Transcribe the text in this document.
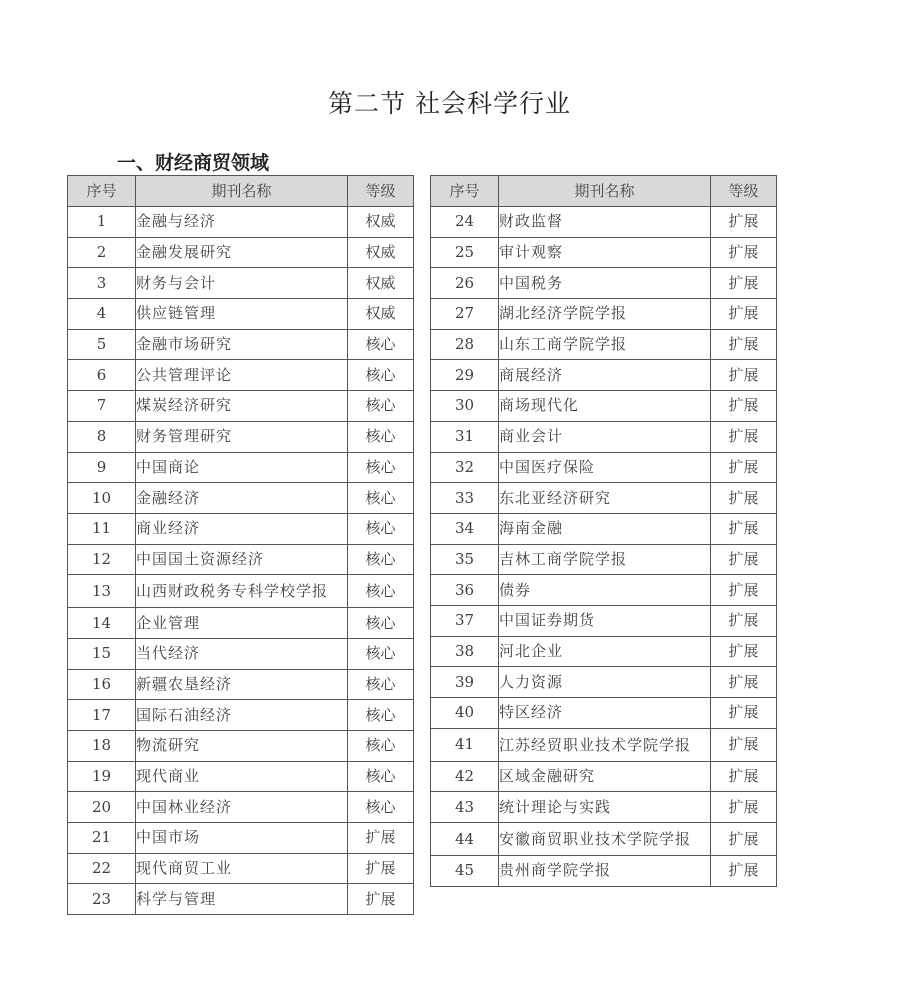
第二节 社会科学行业
一、财经商贸领域
序号	期刊名称	等级
1	金融与经济	权威
2	金融发展研究	权威
3	财务与会计	权威
4	供应链管理	权威
5	金融市场研究	核心
6	公共管理评论	核心
7	煤炭经济研究	核心
8	财务管理研究	核心
9	中国商论	核心
10	金融经济	核心
11	商业经济	核心
12	中国国土资源经济	核心
13	山西财政税务专科学校学报	核心
14	企业管理	核心
15	当代经济	核心
16	新疆农垦经济	核心
17	国际石油经济	核心
18	物流研究	核心
19	现代商业	核心
20	中国林业经济	核心
21	中国市场	扩展
22	现代商贸工业	扩展
23	科学与管理	扩展
序号	期刊名称	等级
24	财政监督	扩展
25	审计观察	扩展
26	中国税务	扩展
27	湖北经济学院学报	扩展
28	山东工商学院学报	扩展
29	商展经济	扩展
30	商场现代化	扩展
31	商业会计	扩展
32	中国医疗保险	扩展
33	东北亚经济研究	扩展
34	海南金融	扩展
35	吉林工商学院学报	扩展
36	债券	扩展
37	中国证券期货	扩展
38	河北企业	扩展
39	人力资源	扩展
40	特区经济	扩展
41	江苏经贸职业技术学院学报	扩展
42	区域金融研究	扩展
43	统计理论与实践	扩展
44	安徽商贸职业技术学院学报	扩展
45	贵州商学院学报	扩展
